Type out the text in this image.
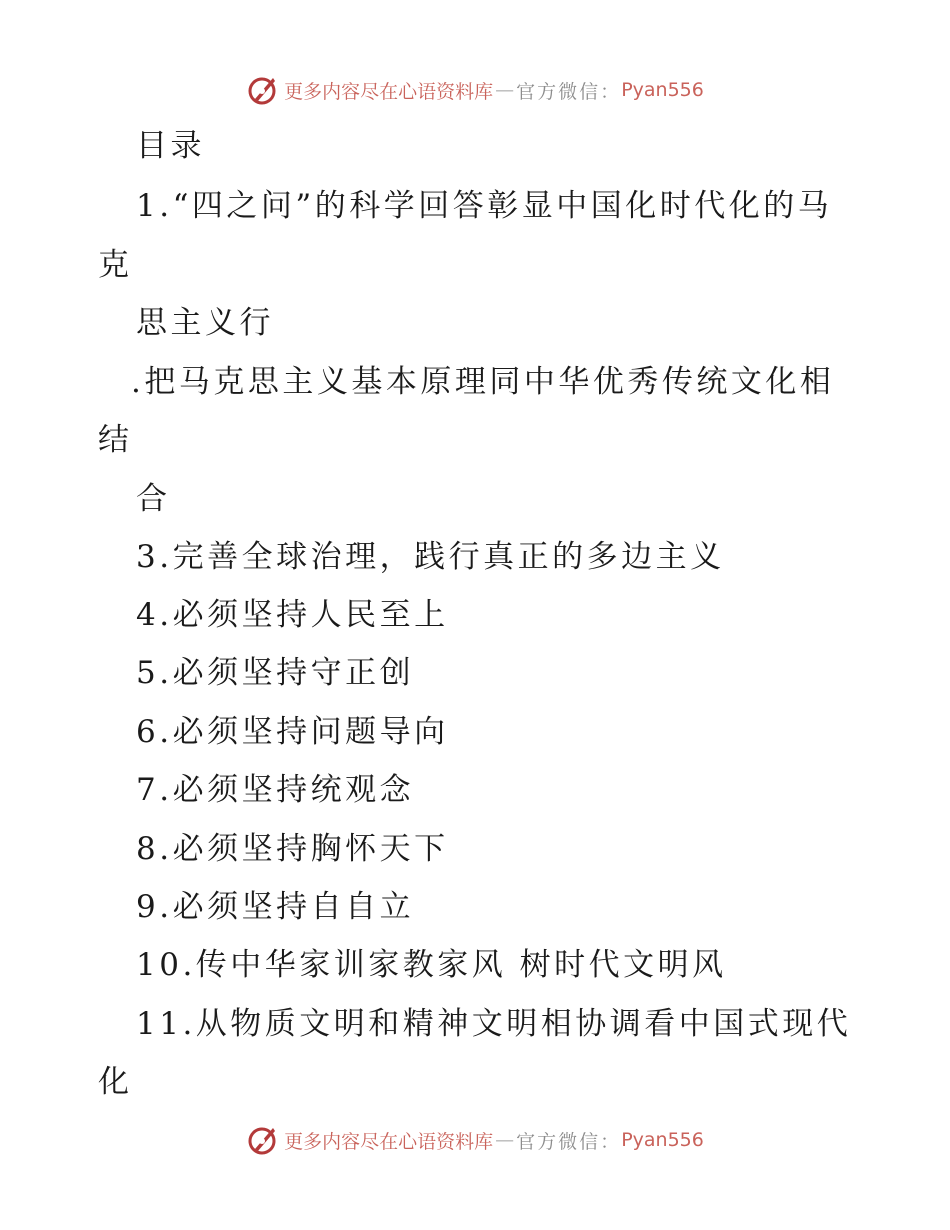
更多内容尽在心语资料库 — 官方微信： Pyan556
目录
1.“四之问”的科学回答彰显中国化时代化的马
克
思主义行
.把马克思主义基本原理同中华优秀传统文化相
结
合
3.完善全球治理，践行真正的多边主义
4.必须坚持人民至上
5.必须坚持守正创
6.必须坚持问题导向
7.必须坚持统观念
8.必须坚持胸怀天下
9.必须坚持自自立
10.传中华家训家教家风 树时代文明风
11.从物质文明和精神文明相协调看中国式现代
化
更多内容尽在心语资料库 — 官方微信： Pyan556
